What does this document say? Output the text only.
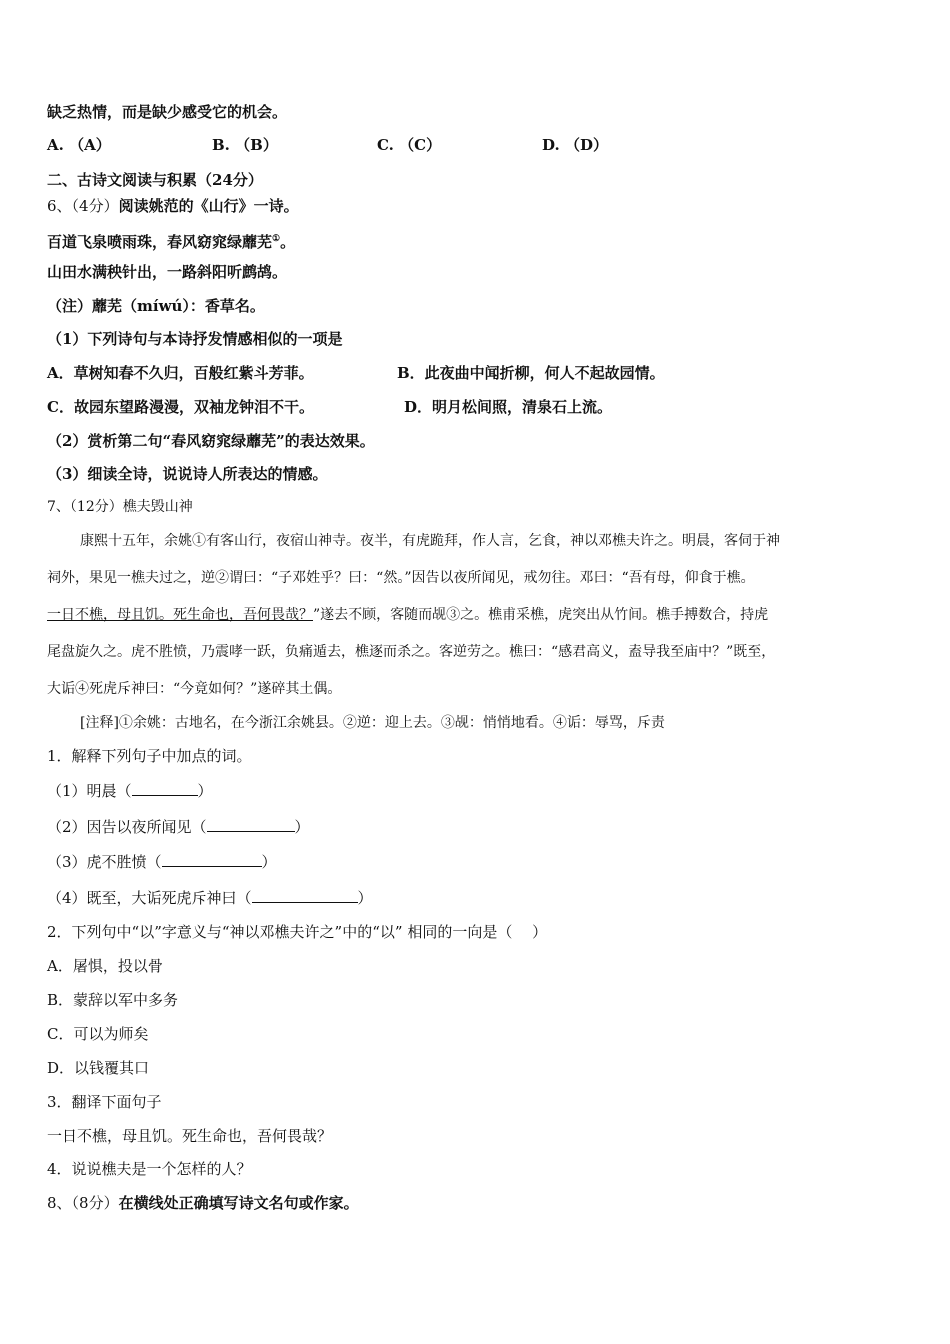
缺乏热情，而是缺少感受它的机会。
A. （A）	B. （B）	C. （C）	D. （D）
二、古诗文阅读与积累（24分）
6、（4分）阅读姚范的《山行》一诗。
百道飞泉喷雨珠，春风窈窕绿蘼芜①。
山田水满秧针出，一路斜阳听鹧鸪。
（注）蘼芜（míwú）：香草名。
（1）下列诗句与本诗抒发情感相似的一项是
A．草树知春不久归，百般红紫斗芳菲。	B．此夜曲中闻折柳，何人不起故园情。
C．故园东望路漫漫，双袖龙钟泪不干。	D．明月松间照，清泉石上流。
（2）赏析第二句“春风窈窕绿蘼芜”的表达效果。
（3）细读全诗，说说诗人所表达的情感。
7、（12分）樵夫毁山神
康熙十五年，余姚①有客山行，夜宿山神寺。夜半，有虎跪拜，作人言，乞食，神以邓樵夫许之。明晨，客伺于神
祠外，果见一樵夫过之，逆②谓曰：“子邓姓乎？曰：“然。”因告以夜所闻见，戒勿往。邓曰：“吾有母，仰食于樵。
一日不樵，母且饥。死生命也，吾何畏哉？”遂去不顾，客随而觇③之。樵甫采樵，虎突出从竹间。樵手搏数合，持虎
尾盘旋久之。虎不胜愤，乃震哮一跃，负痛遁去，樵逐而杀之。客逆劳之。樵曰：“感君高义，盍导我至庙中？”既至，
大诟④死虎斥神曰：“今竟如何？”遂碎其土偶。
[注释]①余姚：古地名，在今浙江余姚县。②逆：迎上去。③觇：悄悄地看。④诟：辱骂，斥责
1．解释下列句子中加点的词。
（1）明晨（	）
（2）因告以夜所闻见（	）
（3）虎不胜愤（	）
（4）既至，大诟死虎斥神曰（	）
2．下列句中“以”字意义与“神以邓樵夫许之”中的“以” 相同的一向是（　 ）
A．屠惧，投以骨
B．蒙辞以军中多务
C．可以为师矣
D．以钱覆其口
3．翻译下面句子
一日不樵，母且饥。死生命也，吾何畏哉？
4．说说樵夫是一个怎样的人？
8、（8分）在横线处正确填写诗文名句或作家。
